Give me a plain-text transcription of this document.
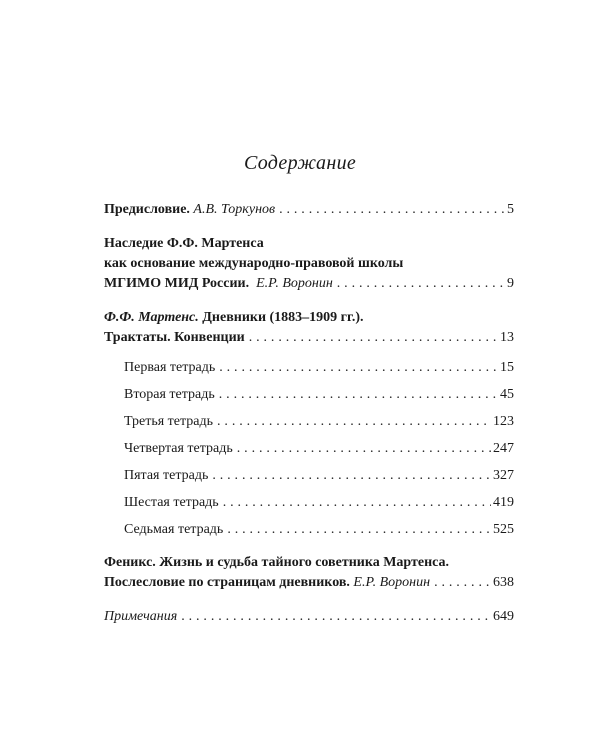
Содержание
Предисловие.
А.В. Торкунов . . .	5
Наследие Ф.Ф. Мартенса
как основание международно-правовой школы
МГИМО МИД России.
Е.Р. Воронин . . .	9
Ф.Ф. Мартенс. Дневники (1883–1909 гг.).
Трактаты. Конвенции . . .	13
Первая тетрадь . . .	15
Вторая тетрадь . . .	45
Третья тетрадь . . .	123
Четвертая тетрадь . . .	247
Пятая тетрадь . . .	327
Шестая тетрадь . . .	419
Седьмая тетрадь . . .	525
Феникс. Жизнь и судьба тайного советника Мартенса.
Послесловие по страницам дневников.
Е.Р. Воронин . . .	638
Примечания . . .	649
